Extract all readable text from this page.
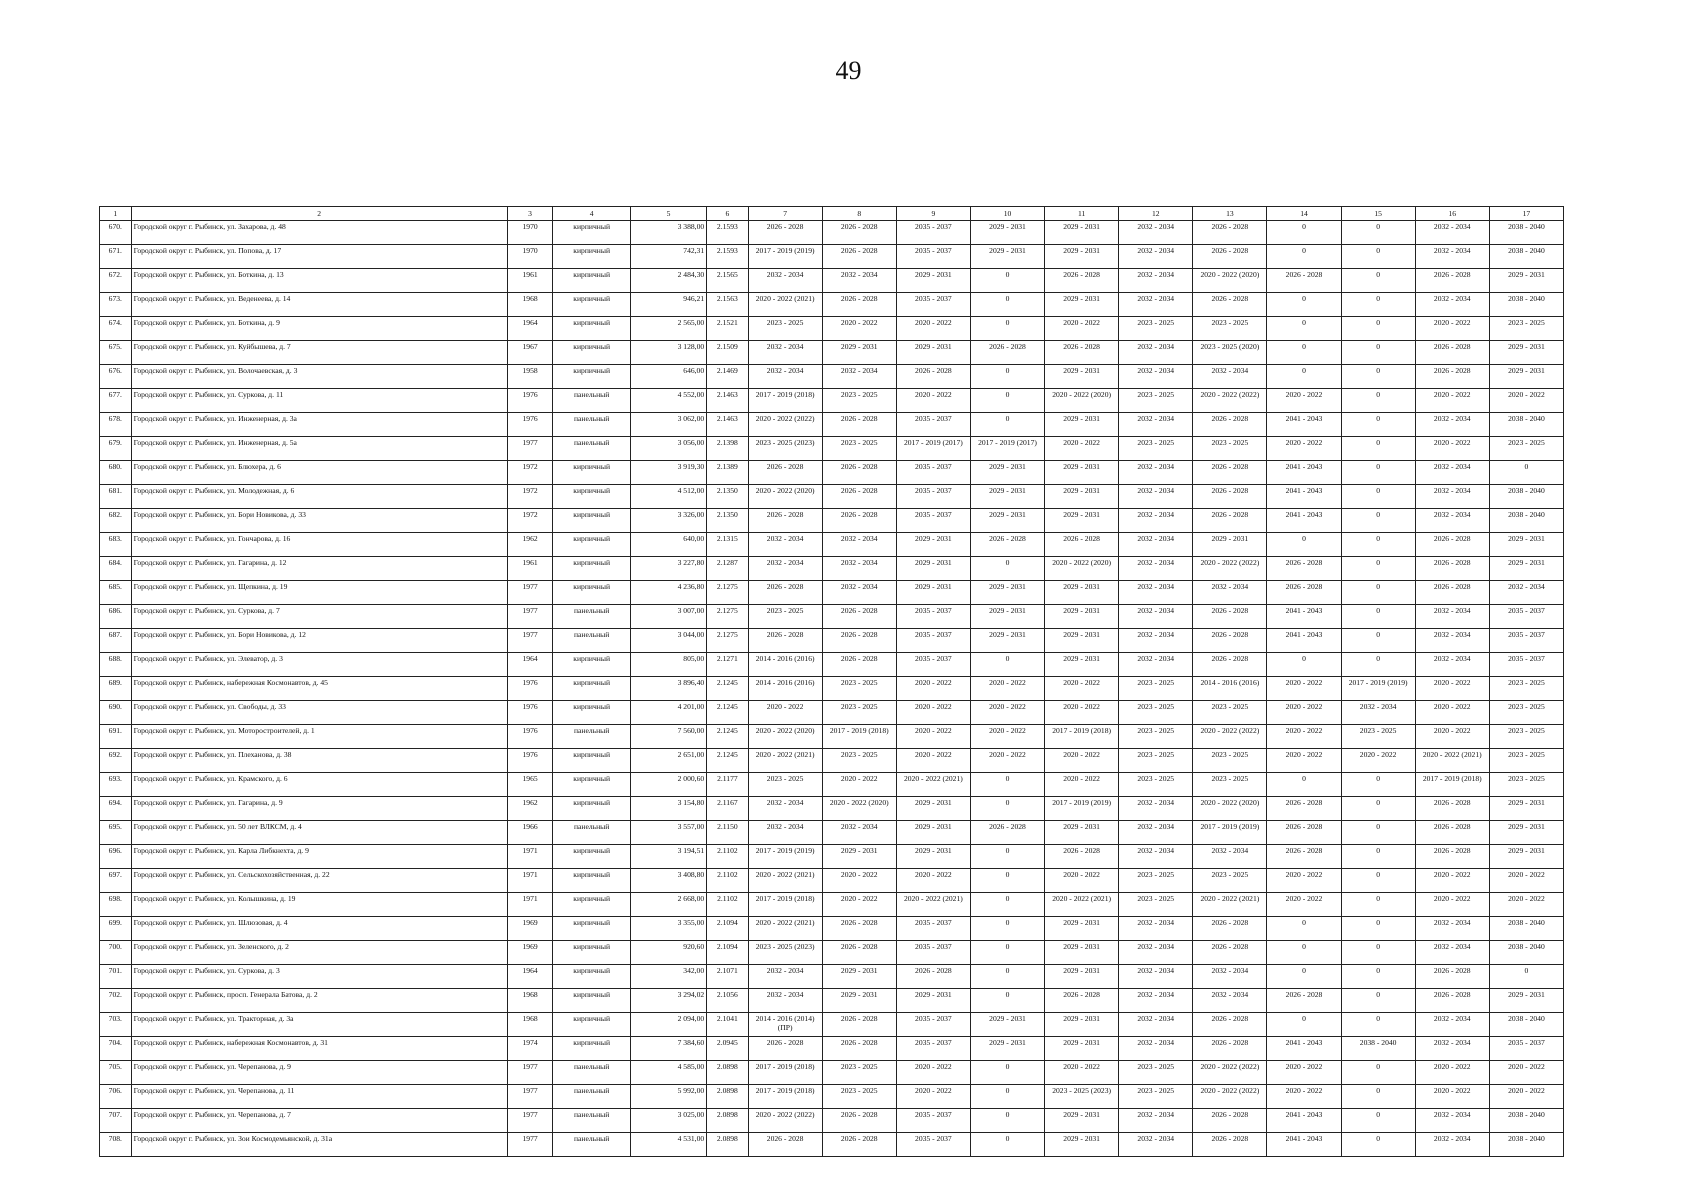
49
1	2	3	4	5	6	7	8	9	10	11	12	13	14	15	16	17
670.	Городской округ г. Рыбинск, ул. Захарова, д. 48	1970	кирпичный	3 388,00	2.1593	2026 - 2028	2026 - 2028	2035 - 2037	2029 - 2031	2029 - 2031	2032 - 2034	2026 - 2028	0	0	2032 - 2034	2038 - 2040
671.	Городской округ г. Рыбинск, ул. Попова, д. 17	1970	кирпичный	742,31	2.1593	2017 - 2019 (2019)	2026 - 2028	2035 - 2037	2029 - 2031	2029 - 2031	2032 - 2034	2026 - 2028	0	0	2032 - 2034	2038 - 2040
672.	Городской округ г. Рыбинск, ул. Боткина, д. 13	1961	кирпичный	2 484,30	2.1565	2032 - 2034	2032 - 2034	2029 - 2031	0	2026 - 2028	2032 - 2034	2020 - 2022 (2020)	2026 - 2028	0	2026 - 2028	2029 - 2031
673.	Городской округ г. Рыбинск, ул. Веденеева, д. 14	1968	кирпичный	946,21	2.1563	2020 - 2022 (2021)	2026 - 2028	2035 - 2037	0	2029 - 2031	2032 - 2034	2026 - 2028	0	0	2032 - 2034	2038 - 2040
674.	Городской округ г. Рыбинск, ул. Боткина, д. 9	1964	кирпичный	2 565,00	2.1521	2023 - 2025	2020 - 2022	2020 - 2022	0	2020 - 2022	2023 - 2025	2023 - 2025	0	0	2020 - 2022	2023 - 2025
675.	Городской округ г. Рыбинск, ул. Куйбышева, д. 7	1967	кирпичный	3 128,00	2.1509	2032 - 2034	2029 - 2031	2029 - 2031	2026 - 2028	2026 - 2028	2032 - 2034	2023 - 2025 (2020)	0	0	2026 - 2028	2029 - 2031
676.	Городской округ г. Рыбинск, ул. Волочаевская, д. 3	1958	кирпичный	646,00	2.1469	2032 - 2034	2032 - 2034	2026 - 2028	0	2029 - 2031	2032 - 2034	2032 - 2034	0	0	2026 - 2028	2029 - 2031
677.	Городской округ г. Рыбинск, ул. Суркова, д. 11	1976	панельный	4 552,00	2.1463	2017 - 2019 (2018)	2023 - 2025	2020 - 2022	0	2020 - 2022 (2020)	2023 - 2025	2020 - 2022 (2022)	2020 - 2022	0	2020 - 2022	2020 - 2022
678.	Городской округ г. Рыбинск, ул. Инженерная, д. 3а	1976	панельный	3 062,00	2.1463	2020 - 2022 (2022)	2026 - 2028	2035 - 2037	0	2029 - 2031	2032 - 2034	2026 - 2028	2041 - 2043	0	2032 - 2034	2038 - 2040
679.	Городской округ г. Рыбинск, ул. Инженерная, д. 5а	1977	панельный	3 056,00	2.1398	2023 - 2025 (2023)	2023 - 2025	2017 - 2019 (2017)	2017 - 2019 (2017)	2020 - 2022	2023 - 2025	2023 - 2025	2020 - 2022	0	2020 - 2022	2023 - 2025
680.	Городской округ г. Рыбинск, ул. Блюхера, д. 6	1972	кирпичный	3 919,30	2.1389	2026 - 2028	2026 - 2028	2035 - 2037	2029 - 2031	2029 - 2031	2032 - 2034	2026 - 2028	2041 - 2043	0	2032 - 2034	0
681.	Городской округ г. Рыбинск, ул. Молодежная, д. 6	1972	кирпичный	4 512,00	2.1350	2020 - 2022 (2020)	2026 - 2028	2035 - 2037	2029 - 2031	2029 - 2031	2032 - 2034	2026 - 2028	2041 - 2043	0	2032 - 2034	2038 - 2040
682.	Городской округ г. Рыбинск, ул. Бори Новикова, д. 33	1972	кирпичный	3 326,00	2.1350	2026 - 2028	2026 - 2028	2035 - 2037	2029 - 2031	2029 - 2031	2032 - 2034	2026 - 2028	2041 - 2043	0	2032 - 2034	2038 - 2040
683.	Городской округ г. Рыбинск, ул. Гончарова, д. 16	1962	кирпичный	640,00	2.1315	2032 - 2034	2032 - 2034	2029 - 2031	2026 - 2028	2026 - 2028	2032 - 2034	2029 - 2031	0	0	2026 - 2028	2029 - 2031
684.	Городской округ г. Рыбинск, ул. Гагарина, д. 12	1961	кирпичный	3 227,80	2.1287	2032 - 2034	2032 - 2034	2029 - 2031	0	2020 - 2022 (2020)	2032 - 2034	2020 - 2022 (2022)	2026 - 2028	0	2026 - 2028	2029 - 2031
685.	Городской округ г. Рыбинск, ул. Щепкина, д. 19	1977	кирпичный	4 236,80	2.1275	2026 - 2028	2032 - 2034	2029 - 2031	2029 - 2031	2029 - 2031	2032 - 2034	2032 - 2034	2026 - 2028	0	2026 - 2028	2032 - 2034
686.	Городской округ г. Рыбинск, ул. Суркова, д. 7	1977	панельный	3 007,00	2.1275	2023 - 2025	2026 - 2028	2035 - 2037	2029 - 2031	2029 - 2031	2032 - 2034	2026 - 2028	2041 - 2043	0	2032 - 2034	2035 - 2037
687.	Городской округ г. Рыбинск, ул. Бори Новикова, д. 12	1977	панельный	3 044,00	2.1275	2026 - 2028	2026 - 2028	2035 - 2037	2029 - 2031	2029 - 2031	2032 - 2034	2026 - 2028	2041 - 2043	0	2032 - 2034	2035 - 2037
688.	Городской округ г. Рыбинск, ул. Элеватор, д. 3	1964	кирпичный	805,00	2.1271	2014 - 2016 (2016)	2026 - 2028	2035 - 2037	0	2029 - 2031	2032 - 2034	2026 - 2028	0	0	2032 - 2034	2035 - 2037
689.	Городской округ г. Рыбинск, набережная Космонавтов, д. 45	1976	кирпичный	3 896,40	2.1245	2014 - 2016 (2016)	2023 - 2025	2020 - 2022	2020 - 2022	2020 - 2022	2023 - 2025	2014 - 2016 (2016)	2020 - 2022	2017 - 2019 (2019)	2020 - 2022	2023 - 2025
690.	Городской округ г. Рыбинск, ул. Свободы, д. 33	1976	кирпичный	4 201,00	2.1245	2020 - 2022	2023 - 2025	2020 - 2022	2020 - 2022	2020 - 2022	2023 - 2025	2023 - 2025	2020 - 2022	2032 - 2034	2020 - 2022	2023 - 2025
691.	Городской округ г. Рыбинск, ул. Моторостроителей, д. 1	1976	панельный	7 560,00	2.1245	2020 - 2022 (2020)	2017 - 2019 (2018)	2020 - 2022	2020 - 2022	2017 - 2019 (2018)	2023 - 2025	2020 - 2022 (2022)	2020 - 2022	2023 - 2025	2020 - 2022	2023 - 2025
692.	Городской округ г. Рыбинск, ул. Плеханова, д. 38	1976	кирпичный	2 651,00	2.1245	2020 - 2022 (2021)	2023 - 2025	2020 - 2022	2020 - 2022	2020 - 2022	2023 - 2025	2023 - 2025	2020 - 2022	2020 - 2022	2020 - 2022 (2021)	2023 - 2025
693.	Городской округ г. Рыбинск, ул. Крамского, д. 6	1965	кирпичный	2 000,60	2.1177	2023 - 2025	2020 - 2022	2020 - 2022 (2021)	0	2020 - 2022	2023 - 2025	2023 - 2025	0	0	2017 - 2019 (2018)	2023 - 2025
694.	Городской округ г. Рыбинск, ул. Гагарина, д. 9	1962	кирпичный	3 154,80	2.1167	2032 - 2034	2020 - 2022 (2020)	2029 - 2031	0	2017 - 2019 (2019)	2032 - 2034	2020 - 2022 (2020)	2026 - 2028	0	2026 - 2028	2029 - 2031
695.	Городской округ г. Рыбинск, ул. 50 лет ВЛКСМ, д. 4	1966	панельный	3 557,00	2.1150	2032 - 2034	2032 - 2034	2029 - 2031	2026 - 2028	2029 - 2031	2032 - 2034	2017 - 2019 (2019)	2026 - 2028	0	2026 - 2028	2029 - 2031
696.	Городской округ г. Рыбинск, ул. Карла Либкнехта, д. 9	1971	кирпичный	3 194,51	2.1102	2017 - 2019 (2019)	2029 - 2031	2029 - 2031	0	2026 - 2028	2032 - 2034	2032 - 2034	2026 - 2028	0	2026 - 2028	2029 - 2031
697.	Городской округ г. Рыбинск, ул. Сельскохозяйственная, д. 22	1971	кирпичный	3 408,80	2.1102	2020 - 2022 (2021)	2020 - 2022	2020 - 2022	0	2020 - 2022	2023 - 2025	2023 - 2025	2020 - 2022	0	2020 - 2022	2020 - 2022
698.	Городской округ г. Рыбинск, ул. Колышкина, д. 19	1971	кирпичный	2 668,00	2.1102	2017 - 2019 (2018)	2020 - 2022	2020 - 2022 (2021)	0	2020 - 2022 (2021)	2023 - 2025	2020 - 2022 (2021)	2020 - 2022	0	2020 - 2022	2020 - 2022
699.	Городской округ г. Рыбинск, ул. Шлюзовая, д. 4	1969	кирпичный	3 355,00	2.1094	2020 - 2022 (2021)	2026 - 2028	2035 - 2037	0	2029 - 2031	2032 - 2034	2026 - 2028	0	0	2032 - 2034	2038 - 2040
700.	Городской округ г. Рыбинск, ул. Зеленского, д. 2	1969	кирпичный	920,60	2.1094	2023 - 2025 (2023)	2026 - 2028	2035 - 2037	0	2029 - 2031	2032 - 2034	2026 - 2028	0	0	2032 - 2034	2038 - 2040
701.	Городской округ г. Рыбинск, ул. Суркова, д. 3	1964	кирпичный	342,00	2.1071	2032 - 2034	2029 - 2031	2026 - 2028	0	2029 - 2031	2032 - 2034	2032 - 2034	0	0	2026 - 2028	0
702.	Городской округ г. Рыбинск, просп. Генерала Батова, д. 2	1968	кирпичный	3 294,02	2.1056	2032 - 2034	2029 - 2031	2029 - 2031	0	2026 - 2028	2032 - 2034	2032 - 2034	2026 - 2028	0	2026 - 2028	2029 - 2031
703.	Городской округ г. Рыбинск, ул. Тракторная, д. 3а	1968	кирпичный	2 094,00	2.1041	2014 - 2016 (2014) (ПР)	2026 - 2028	2035 - 2037	2029 - 2031	2029 - 2031	2032 - 2034	2026 - 2028	0	0	2032 - 2034	2038 - 2040
704.	Городской округ г. Рыбинск, набережная Космонавтов, д. 31	1974	кирпичный	7 384,60	2.0945	2026 - 2028	2026 - 2028	2035 - 2037	2029 - 2031	2029 - 2031	2032 - 2034	2026 - 2028	2041 - 2043	2038 - 2040	2032 - 2034	2035 - 2037
705.	Городской округ г. Рыбинск, ул. Черепанова, д. 9	1977	панельный	4 585,00	2.0898	2017 - 2019 (2018)	2023 - 2025	2020 - 2022	0	2020 - 2022	2023 - 2025	2020 - 2022 (2022)	2020 - 2022	0	2020 - 2022	2020 - 2022
706.	Городской округ г. Рыбинск, ул. Черепанова, д. 11	1977	панельный	5 992,00	2.0898	2017 - 2019 (2018)	2023 - 2025	2020 - 2022	0	2023 - 2025 (2023)	2023 - 2025	2020 - 2022 (2022)	2020 - 2022	0	2020 - 2022	2020 - 2022
707.	Городской округ г. Рыбинск, ул. Черепанова, д. 7	1977	панельный	3 025,00	2.0898	2020 - 2022 (2022)	2026 - 2028	2035 - 2037	0	2029 - 2031	2032 - 2034	2026 - 2028	2041 - 2043	0	2032 - 2034	2038 - 2040
708.	Городской округ г. Рыбинск, ул. Зои Космодемьянской, д. 31а	1977	панельный	4 531,00	2.0898	2026 - 2028	2026 - 2028	2035 - 2037	0	2029 - 2031	2032 - 2034	2026 - 2028	2041 - 2043	0	2032 - 2034	2038 - 2040
